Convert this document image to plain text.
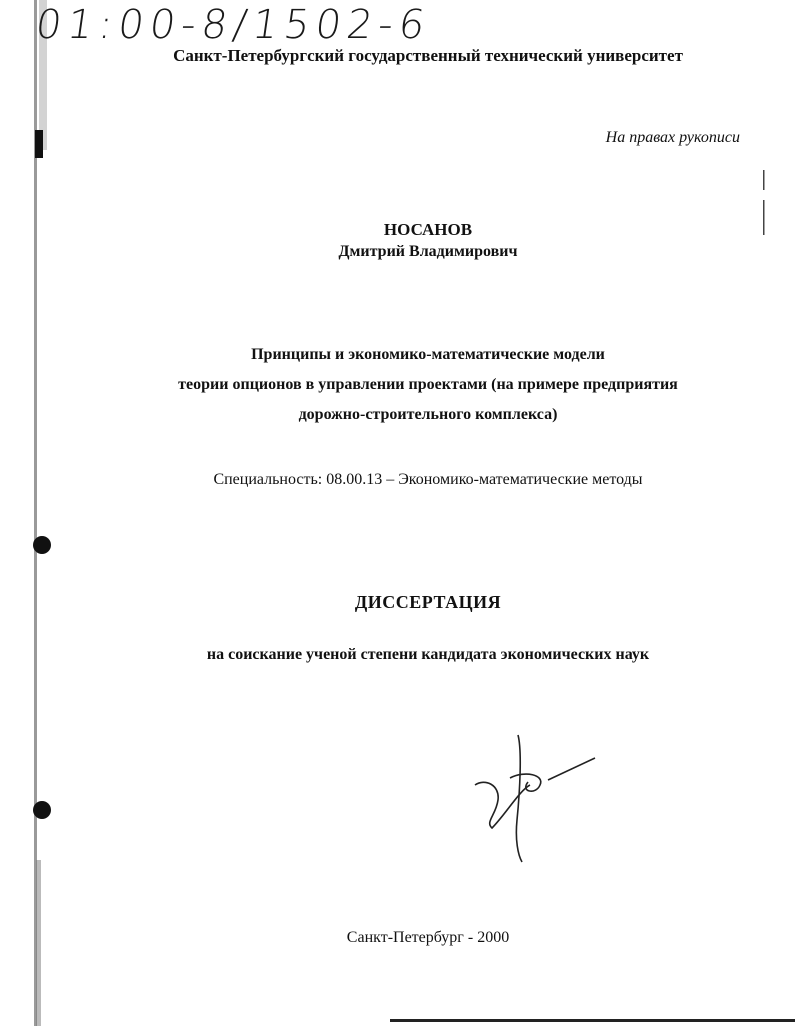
01:00-8/1502-6

Санкт-Петербургский государственный технический университет

На правах рукописи

НОСАНОВ

Дмитрий Владимирович

Принципы и экономико-математические модели

теории опционов в управлении проектами (на примере предприятия

дорожно-строительного комплекса)

Специальность: 08.00.13 – Экономико-математические методы

ДИССЕРТАЦИЯ

на соискание ученой степени кандидата экономических наук

Санкт-Петербург - 2000
